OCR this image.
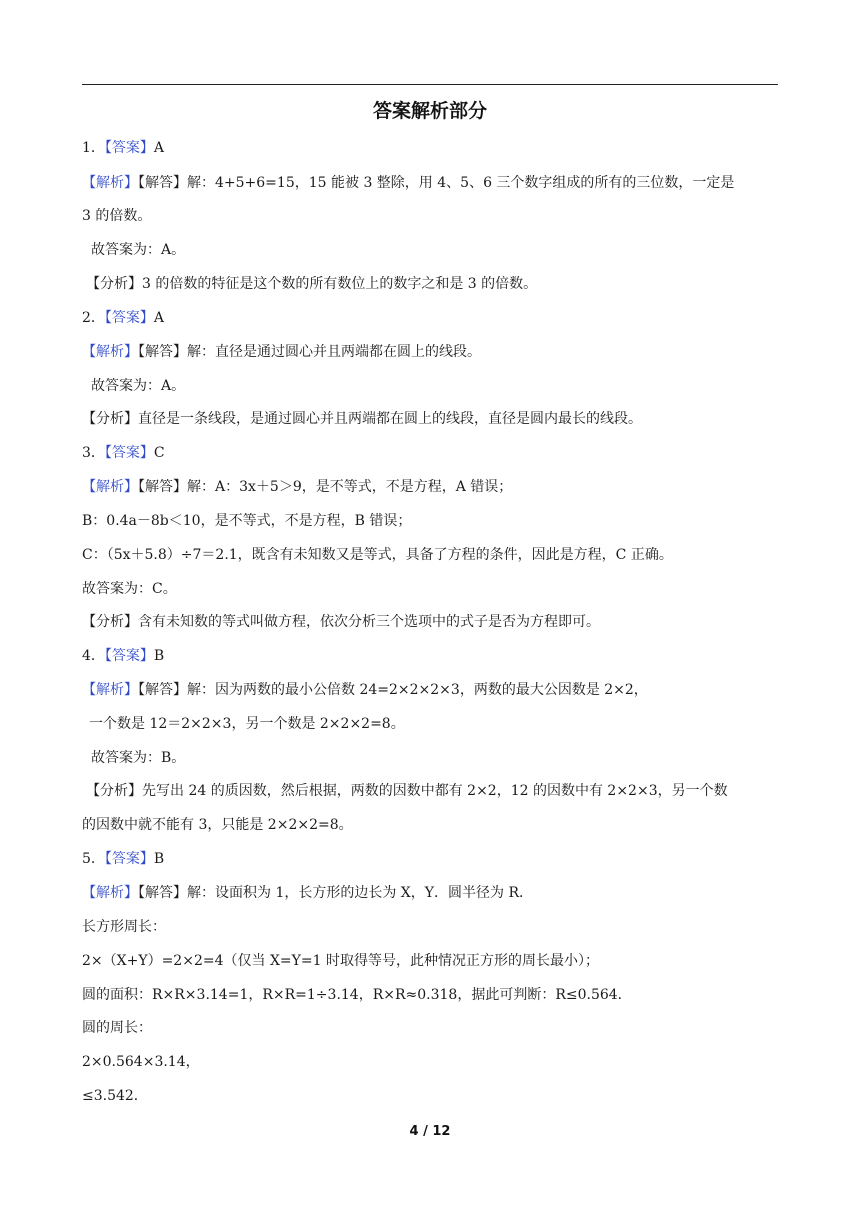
答案解析部分
1．【答案】A
【解析】【解答】解：4+5+6=15，15 能被 3 整除，用 4、5、6 三个数字组成的所有的三位数，一定是
3 的倍数。
故答案为：A。
【分析】3 的倍数的特征是这个数的所有数位上的数字之和是 3 的倍数。
2．【答案】A
【解析】【解答】解：直径是通过圆心并且两端都在圆上的线段。
故答案为：A。
【分析】直径是一条线段，是通过圆心并且两端都在圆上的线段，直径是圆内最长的线段。
3．【答案】C
【解析】【解答】解：A：3x＋5＞9，是不等式，不是方程，A 错误；
B：0.4a－8b＜10，是不等式，不是方程，B 错误；
C：（5x＋5.8）÷7＝2.1，既含有未知数又是等式，具备了方程的条件，因此是方程，C 正确。
故答案为：C。
【分析】含有未知数的等式叫做方程，依次分析三个选项中的式子是否为方程即可。
4．【答案】B
【解析】【解答】解：因为两数的最小公倍数 24=2×2×2×3，两数的最大公因数是 2×2，
一个数是 12＝2×2×3，另一个数是 2×2×2=8。
故答案为：B。
【分析】先写出 24 的质因数，然后根据，两数的因数中都有 2×2，12 的因数中有 2×2×3，另一个数
的因数中就不能有 3，只能是 2×2×2=8。
5．【答案】B
【解析】【解答】解：设面积为 1，长方形的边长为 X，Y．圆半径为 R．
长方形周长：
2×（X+Y）=2×2=4（仅当 X=Y=1 时取得等号，此种情况正方形的周长最小）；
圆的面积：R×R×3.14=1，R×R=1÷3.14，R×R≈0.318，据此可判断：R≤0.564．
圆的周长：
2×0.564×3.14，
≤3.542．
4 / 12
